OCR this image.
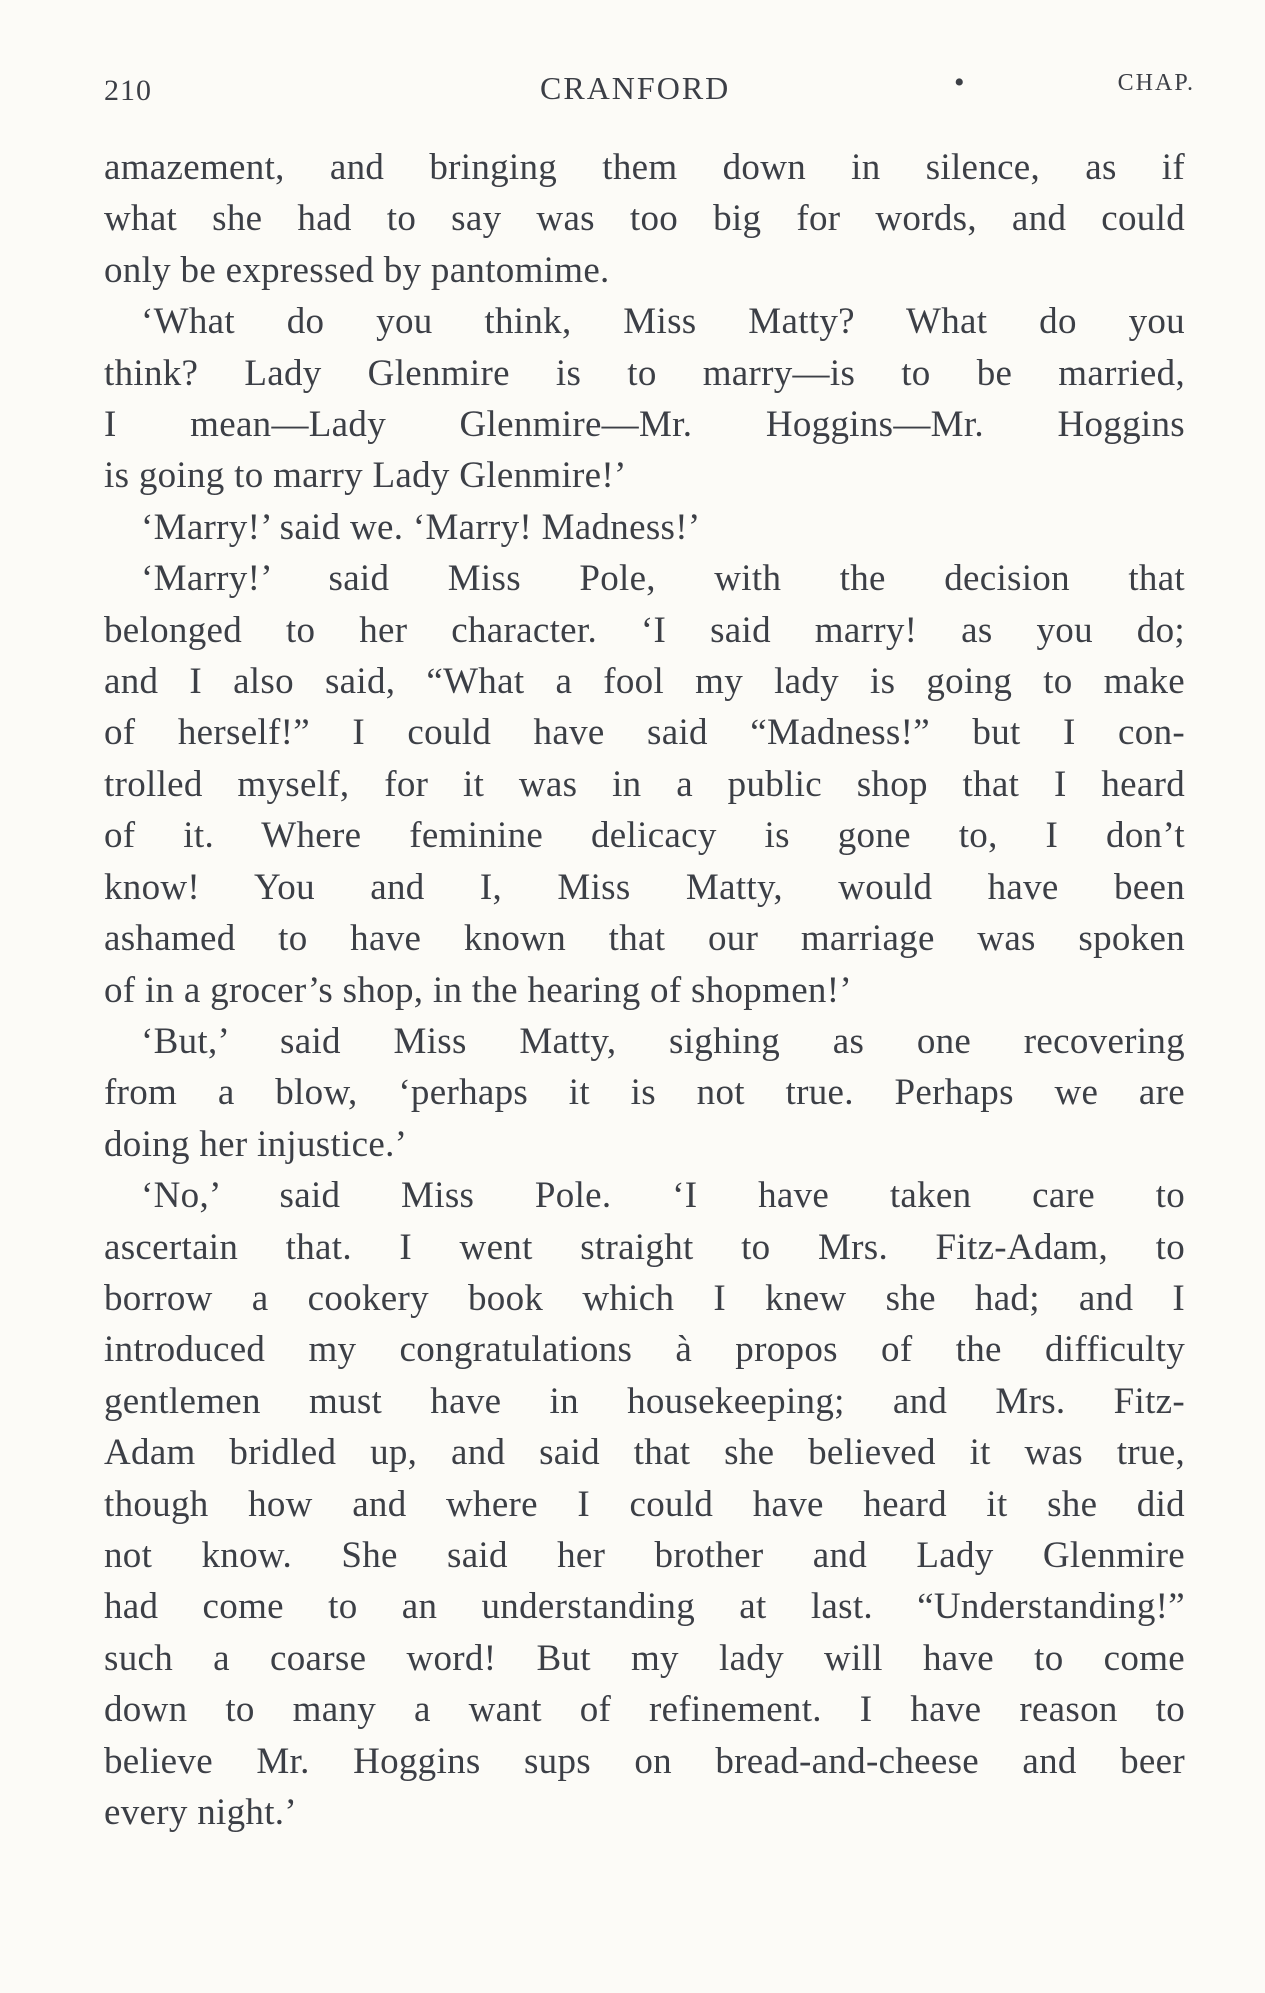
210	CRANFORD	•	CHAP.
amazement, and bringing them down in silence, as if
what she had to say was too big for words, and could
only be expressed by pantomime.
‘What do you think, Miss Matty? What do you
think? Lady Glenmire is to marry—is to be married,
I mean—Lady Glenmire—Mr. Hoggins—Mr. Hoggins
is going to marry Lady Glenmire!’
‘Marry!’ said we. ‘Marry! Madness!’
‘Marry!’ said Miss Pole, with the decision that
belonged to her character. ‘I said marry! as you do;
and I also said, “What a fool my lady is going to make
of herself!” I could have said “Madness!” but I con-
trolled myself, for it was in a public shop that I heard
of it. Where feminine delicacy is gone to, I don’t
know! You and I, Miss Matty, would have been
ashamed to have known that our marriage was spoken
of in a grocer’s shop, in the hearing of shopmen!’
‘But,’ said Miss Matty, sighing as one recovering
from a blow, ‘perhaps it is not true. Perhaps we are
doing her injustice.’
‘No,’ said Miss Pole. ‘I have taken care to
ascertain that. I went straight to Mrs. Fitz-Adam, to
borrow a cookery book which I knew she had; and I
introduced my congratulations à propos of the difficulty
gentlemen must have in housekeeping; and Mrs. Fitz-
Adam bridled up, and said that she believed it was true,
though how and where I could have heard it she did
not know. She said her brother and Lady Glenmire
had come to an understanding at last. “Understanding!”
such a coarse word! But my lady will have to come
down to many a want of refinement. I have reason to
believe Mr. Hoggins sups on bread-and-cheese and beer
every night.’
